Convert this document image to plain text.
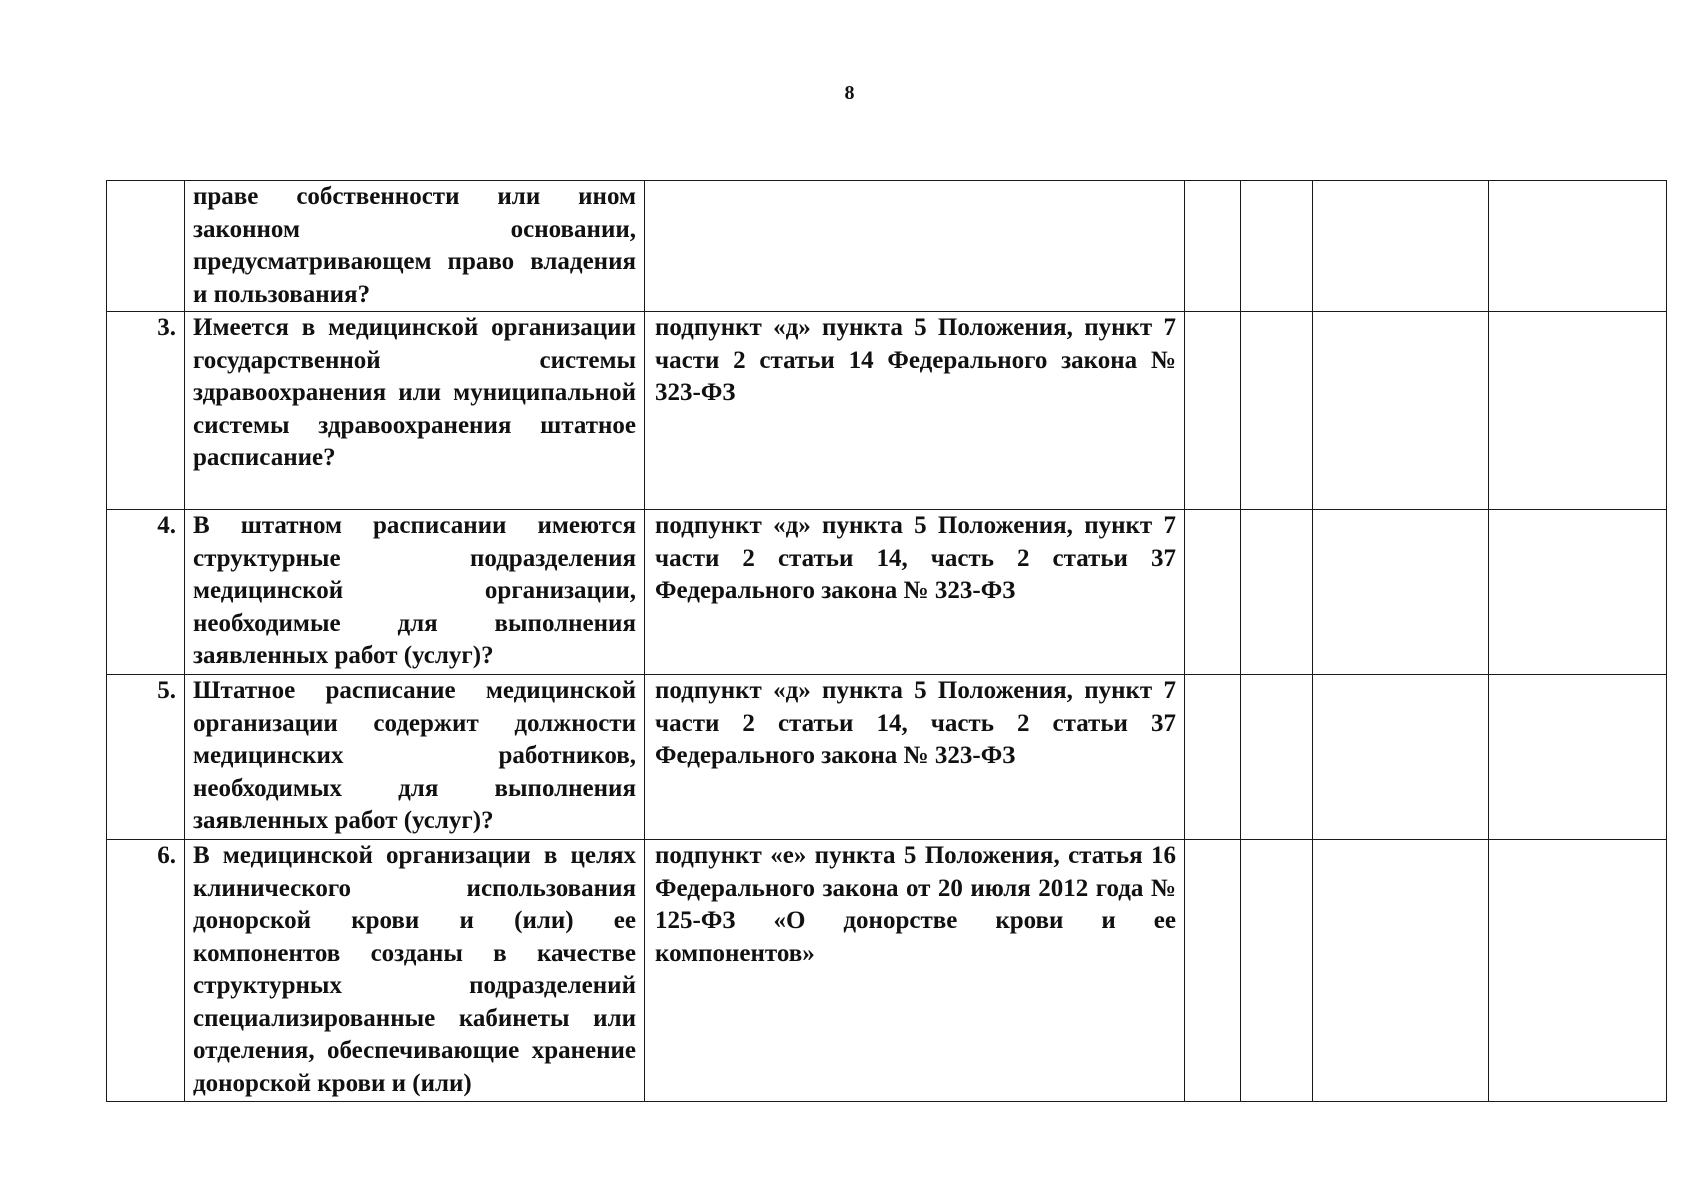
8
	праве собственности или ином законном основании, предусматривающем право владения и пользования?					
3.	Имеется в медицинской организации государственной системы здравоохранения или муниципальной системы здравоохранения штатное расписание?	подпункт «д» пункта 5 Положения, пункт 7 части 2 статьи 14 Федерального закона № 323-ФЗ				
4.	В штатном расписании имеются структурные подразделения медицинской организации, необходимые для выполнения заявленных работ (услуг)?	подпункт «д» пункта 5 Положения, пункт 7 части 2 статьи 14, часть 2 статьи 37 Федерального закона № 323-ФЗ				
5.	Штатное расписание медицинской организации содержит должности медицинских работников, необходимых для выполнения заявленных работ (услуг)?	подпункт «д» пункта 5 Положения, пункт 7 части 2 статьи 14, часть 2 статьи 37 Федерального закона № 323-ФЗ				
6.	В медицинской организации в целях клинического использования донорской крови и (или) ее компонентов созданы в качестве структурных подразделений специализированные кабинеты или отделения, обеспечивающие хранение донорской крови и (или)	подпункт «е» пункта 5 Положения, статья 16 Федерального закона от 20 июля 2012 года № 125-ФЗ «О донорстве крови и ее компонентов»				
